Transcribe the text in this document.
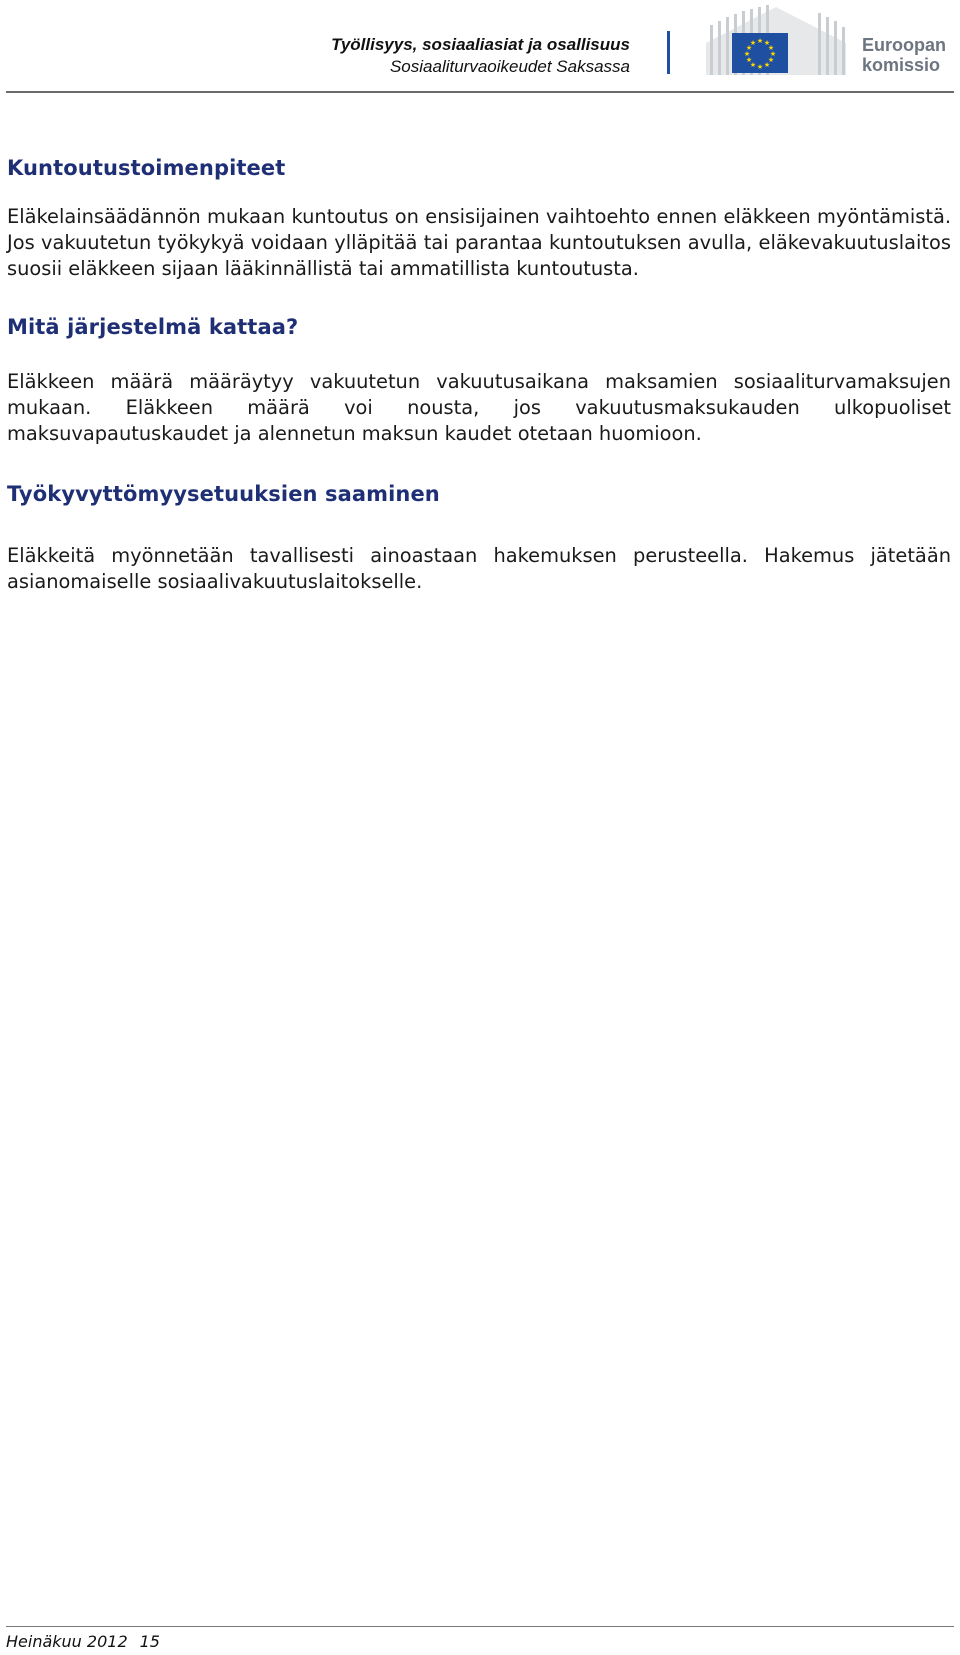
Työllisyys, sosiaaliasiat ja osallisuus
Sosiaaliturvaoikeudet Saksassa
★ ★
★
★
★
★
★
★
★
★
★
★	Euroopan
komissio
Kuntoutustoimenpiteet

Eläkelainsäädännön mukaan kuntoutus on ensisijainen vaihtoehto ennen eläkkeen myöntämistä. Jos vakuutetun työkykyä voidaan ylläpitää tai parantaa kuntoutuksen avulla, eläkevakuutuslaitos suosii eläkkeen sijaan lääkinnällistä tai ammatillista kuntoutusta.

Mitä järjestelmä kattaa?

Eläkkeen määrä määräytyy vakuutetun vakuutusaikana maksamien sosiaaliturvamaksujen mukaan. Eläkkeen määrä voi nousta, jos vakuutusmaksukauden ulkopuoliset maksuvapautuskaudet ja alennetun maksun kaudet otetaan huomioon.

Työkyvyttömyysetuuksien saaminen

Eläkkeitä myönnetään tavallisesti ainoastaan hakemuksen perusteella. Hakemus jätetään asianomaiselle sosiaalivakuutuslaitokselle.

Heinäkuu 2012 15
